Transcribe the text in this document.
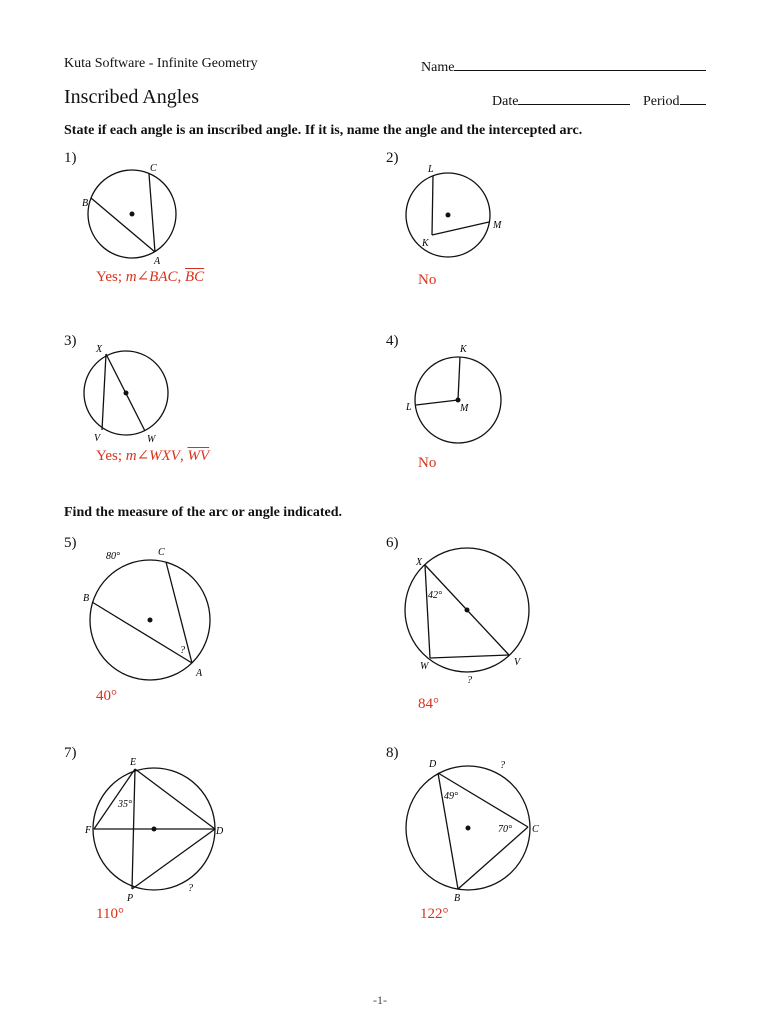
Kuta Software - Infinite Geometry	Name
Inscribed Angles	Date	Period
State if each angle is an inscribed angle. If it is, name the angle and the intercepted arc.
1)
C
B
A
Yes; m∠BAC, $\overline{BC}$
2)
L
M
K
No
3)
X
V	W
Yes; m∠WXV, $\overline{WV}$
4)
K
L	M
No
Find the measure of the arc or angle indicated.
5)
80°	C
B
?
A
40°
6)
X
42°
W	V
?
84°
7)
E
35°
F	D
P
?
110°
8)
D	?
49°
70° C
B
122°
-1-
